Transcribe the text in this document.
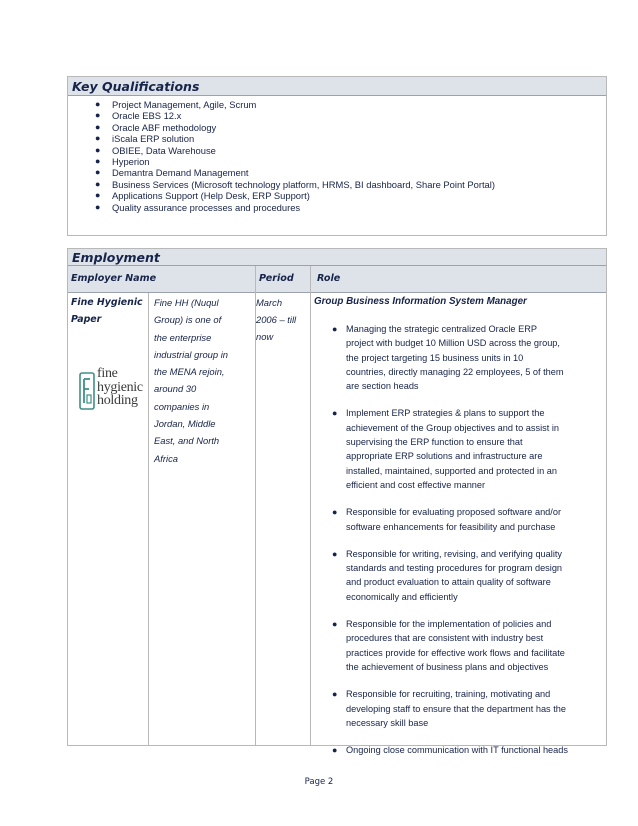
Key Qualifications
● Project Management, Agile, Scrum
● Oracle EBS 12.x
● Oracle ABF methodology
● iScala ERP solution
● OBIEE, Data Warehouse
● Hyperion
● Demantra Demand Management
● Business Services (Microsoft technology platform, HRMS, BI dashboard, Share Point Portal)
● Applications Support (Help Desk, ERP Support)
● Quality assurance processes and procedures
Employment
Employer Name	Period	Role
Fine Hygienic
Paper
fine
hygienic
holding
Fine HH (Nuqul
Group) is one of
the enterprise
industrial group in
the MENA rejoin,
around 30
companies in
Jordan, Middle
East, and North
Africa
March
2006 – till
now
Group Business Information System Manager
● Managing the strategic centralized Oracle ERP
project with budget 10 Million USD across the group,
the project targeting 15 business units in 10
countries, directly managing 22 employees, 5 of them
are section heads

● Implement ERP strategies & plans to support the
achievement of the Group objectives and to assist in
supervising the ERP function to ensure that
appropriate ERP solutions and infrastructure are
installed, maintained, supported and protected in an
efficient and cost effective manner

● Responsible for evaluating proposed software and/or
software enhancements for feasibility and purchase

● Responsible for writing, revising, and verifying quality
standards and testing procedures for program design
and product evaluation to attain quality of software
economically and efficiently

● Responsible for the implementation of policies and
procedures that are consistent with industry best
practices provide for effective work flows and facilitate
the achievement of business plans and objectives

● Responsible for recruiting, training, motivating and
developing staff to ensure that the department has the
necessary skill base

● Ongoing close communication with IT functional heads

Page 2
